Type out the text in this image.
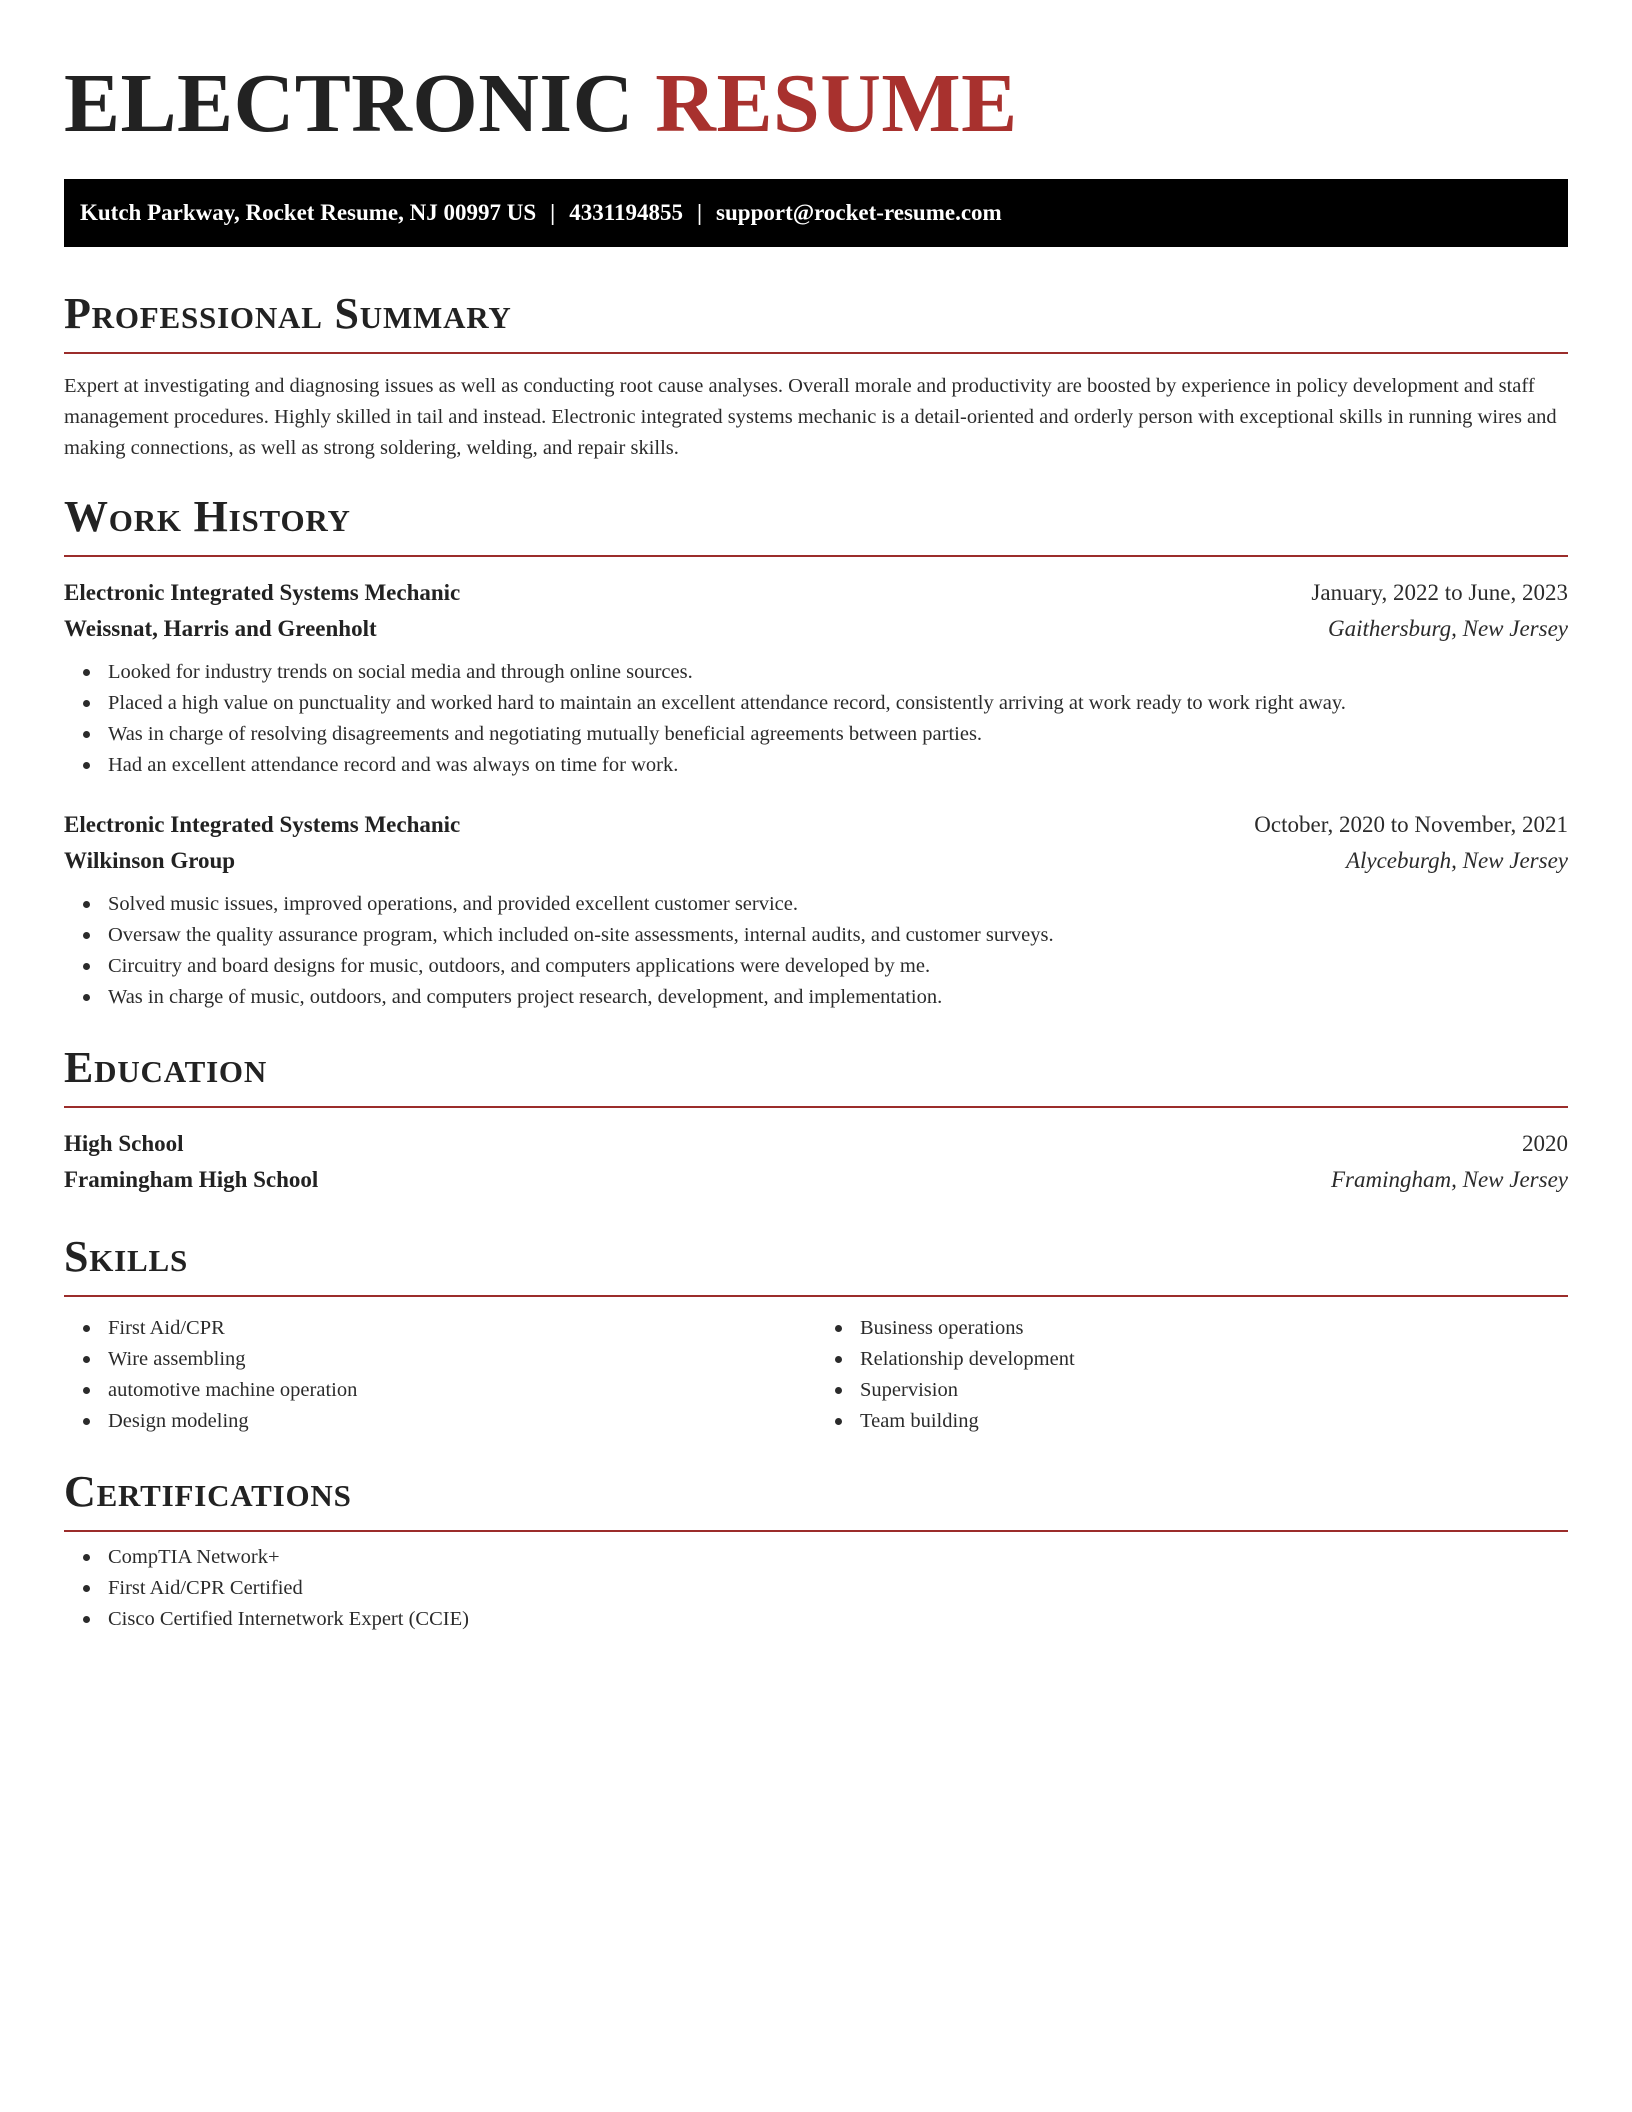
ELECTRONIC RESUME
Kutch Parkway, Rocket Resume, NJ 00997 US | 4331194855 | support@rocket-resume.com
Professional Summary

Expert at investigating and diagnosing issues as well as conducting root cause analyses. Overall morale and productivity are boosted by experience in policy development and staff management procedures. Highly skilled in tail and instead. Electronic integrated systems mechanic is a detail-oriented and orderly person with exceptional skills in running wires and making connections, as well as strong soldering, welding, and repair skills.

Work History
Electronic Integrated Systems Mechanic	January, 2022 to June, 2023
Weissnat, Harris and Greenholt	Gaithersburg, New Jersey
Looked for industry trends on social media and through online sources.
Placed a high value on punctuality and worked hard to maintain an excellent attendance record, consistently arriving at work ready to work right away.
Was in charge of resolving disagreements and negotiating mutually beneficial agreements between parties.
Had an excellent attendance record and was always on time for work.
Electronic Integrated Systems Mechanic	October, 2020 to November, 2021
Wilkinson Group	Alyceburgh, New Jersey
Solved music issues, improved operations, and provided excellent customer service.
Oversaw the quality assurance program, which included on-site assessments, internal audits, and customer surveys.
Circuitry and board designs for music, outdoors, and computers applications were developed by me.
Was in charge of music, outdoors, and computers project research, development, and implementation.
Education
High School	2020
Framingham High School	Framingham, New Jersey
Skills
First Aid/CPR
Wire assembling
automotive machine operation
Design modeling
Business operations
Relationship development
Supervision
Team building
Certifications
CompTIA Network+
First Aid/CPR Certified
Cisco Certified Internetwork Expert (CCIE)
